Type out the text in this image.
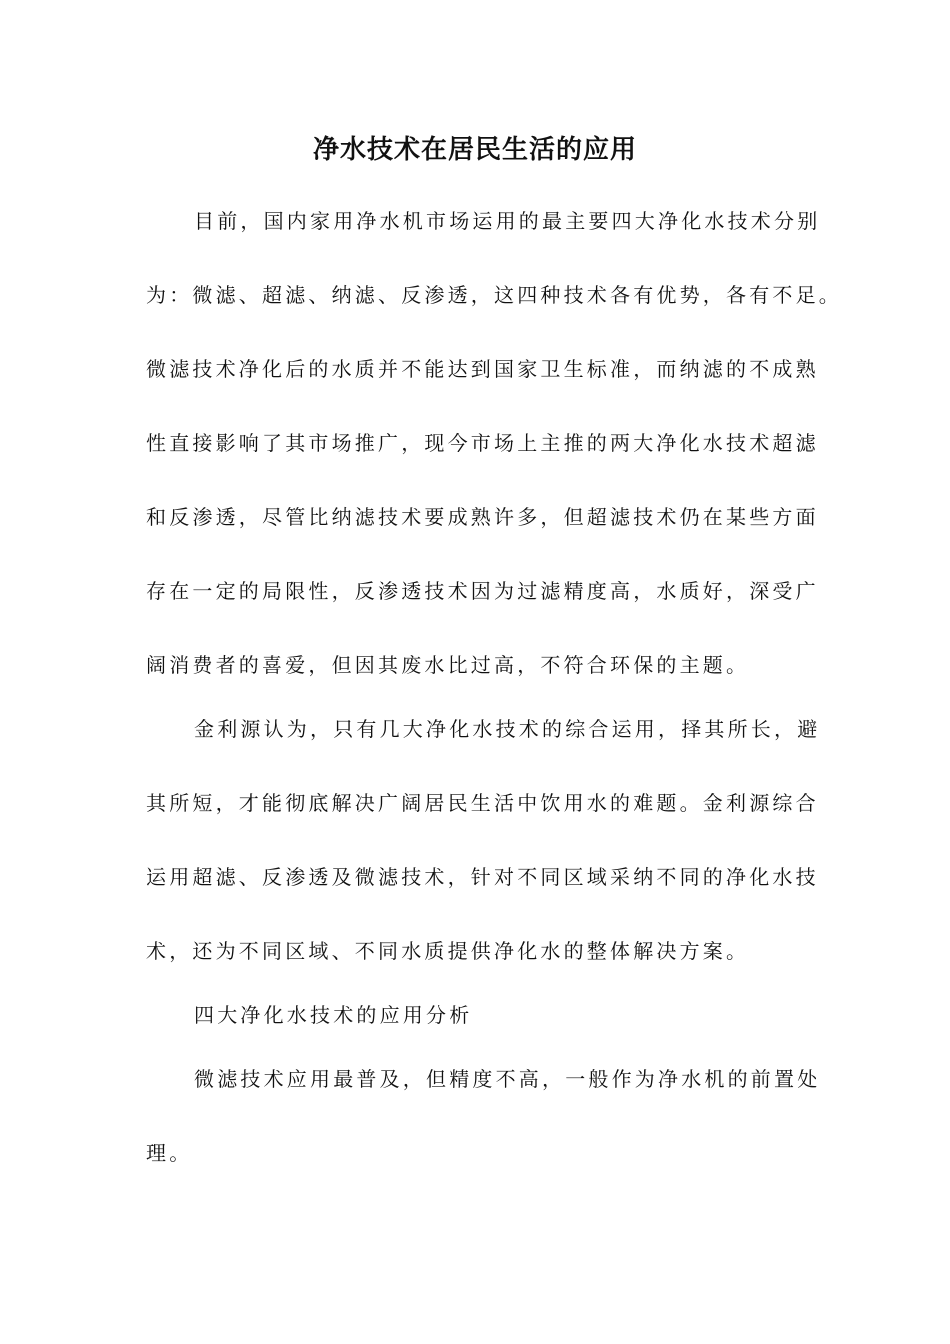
净水技术在居民生活的应用

目前，国内家用净水机市场运用的最主要四大净化水技术分别

为：微滤、超滤、纳滤、反渗透，这四种技术各有优势，各有不足。

微滤技术净化后的水质并不能达到国家卫生标准，而纳滤的不成熟

性直接影响了其市场推广，现今市场上主推的两大净化水技术超滤

和反渗透，尽管比纳滤技术要成熟许多，但超滤技术仍在某些方面

存在一定的局限性，反渗透技术因为过滤精度高，水质好，深受广

阔消费者的喜爱，但因其废水比过高，不符合环保的主题。

金利源认为，只有几大净化水技术的综合运用，择其所长，避

其所短，才能彻底解决广阔居民生活中饮用水的难题。金利源综合

运用超滤、反渗透及微滤技术，针对不同区域采纳不同的净化水技

术，还为不同区域、不同水质提供净化水的整体解决方案。

四大净化水技术的应用分析

微滤技术应用最普及，但精度不高，一般作为净水机的前置处

理。
